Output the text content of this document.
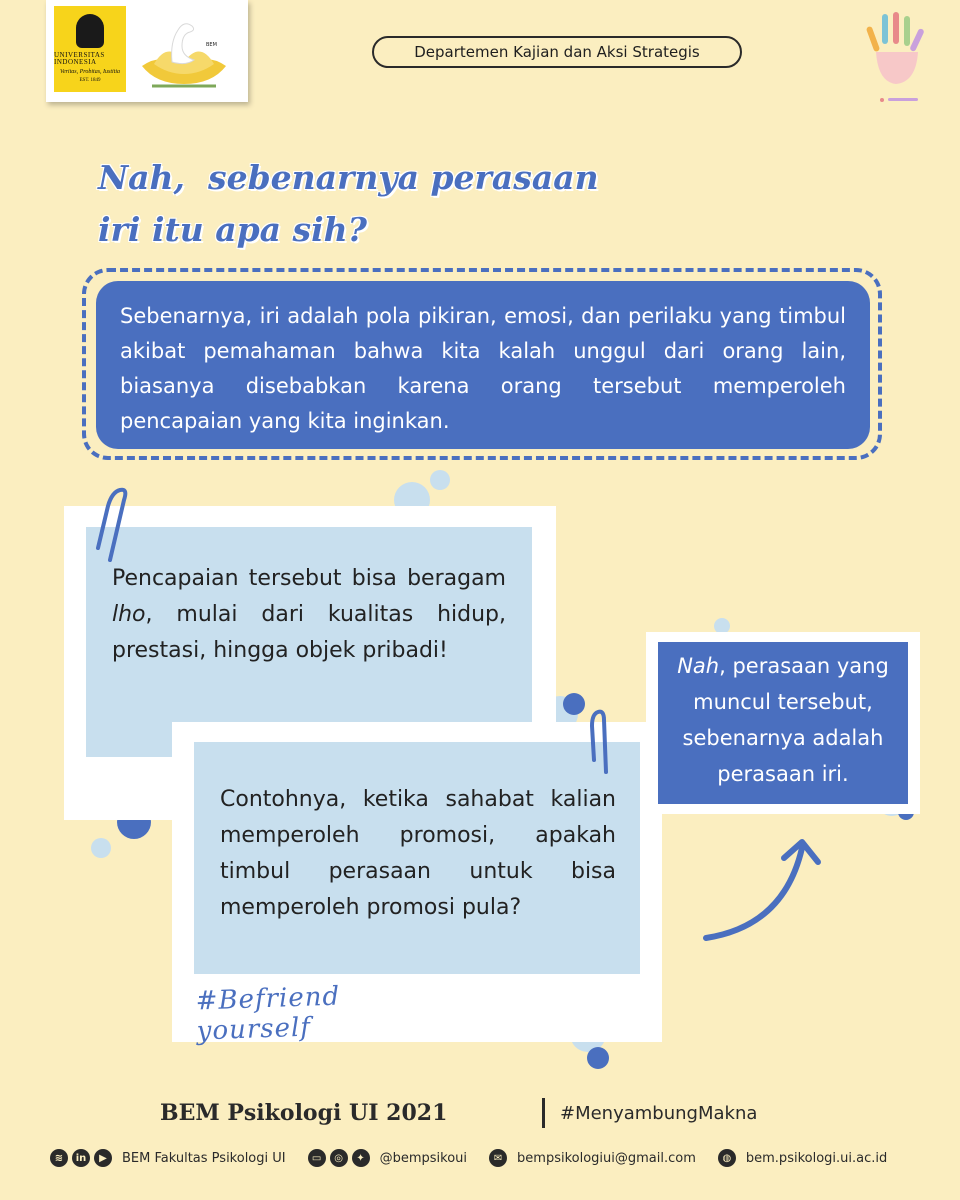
UNIVERSITAS INDONESIA
Veritas, Probitas, Iustitia
EST. 1849
BEM	Departemen Kajian dan Aksi Strategis
Nah,  sebenarnya perasaan
iri itu apa sih?
Sebenarnya, iri adalah pola pikiran, emosi, dan perilaku yang timbul akibat pemahaman bahwa kita kalah unggul dari orang lain, biasanya disebabkan karena orang tersebut memperoleh pencapaian yang kita inginkan.
Pencapaian tersebut bisa beragam lho, mulai dari kualitas hidup, prestasi, hingga objek pribadi!
Contohnya, ketika sahabat kalian memperoleh promosi, apakah timbul perasaan untuk bisa memperoleh promosi pula?
#Befriend yourself
Nah, perasaan yang muncul tersebut, sebenarnya adalah perasaan iri.
BEM Psikologi UI 2021	#MenyambungMakna
≋	in	▶	BEM Fakultas Psikologi UI	▭	◎	✦	@bempsikoui	✉	bempsikologiui@gmail.com	◍	bem.psikologi.ui.ac.id
